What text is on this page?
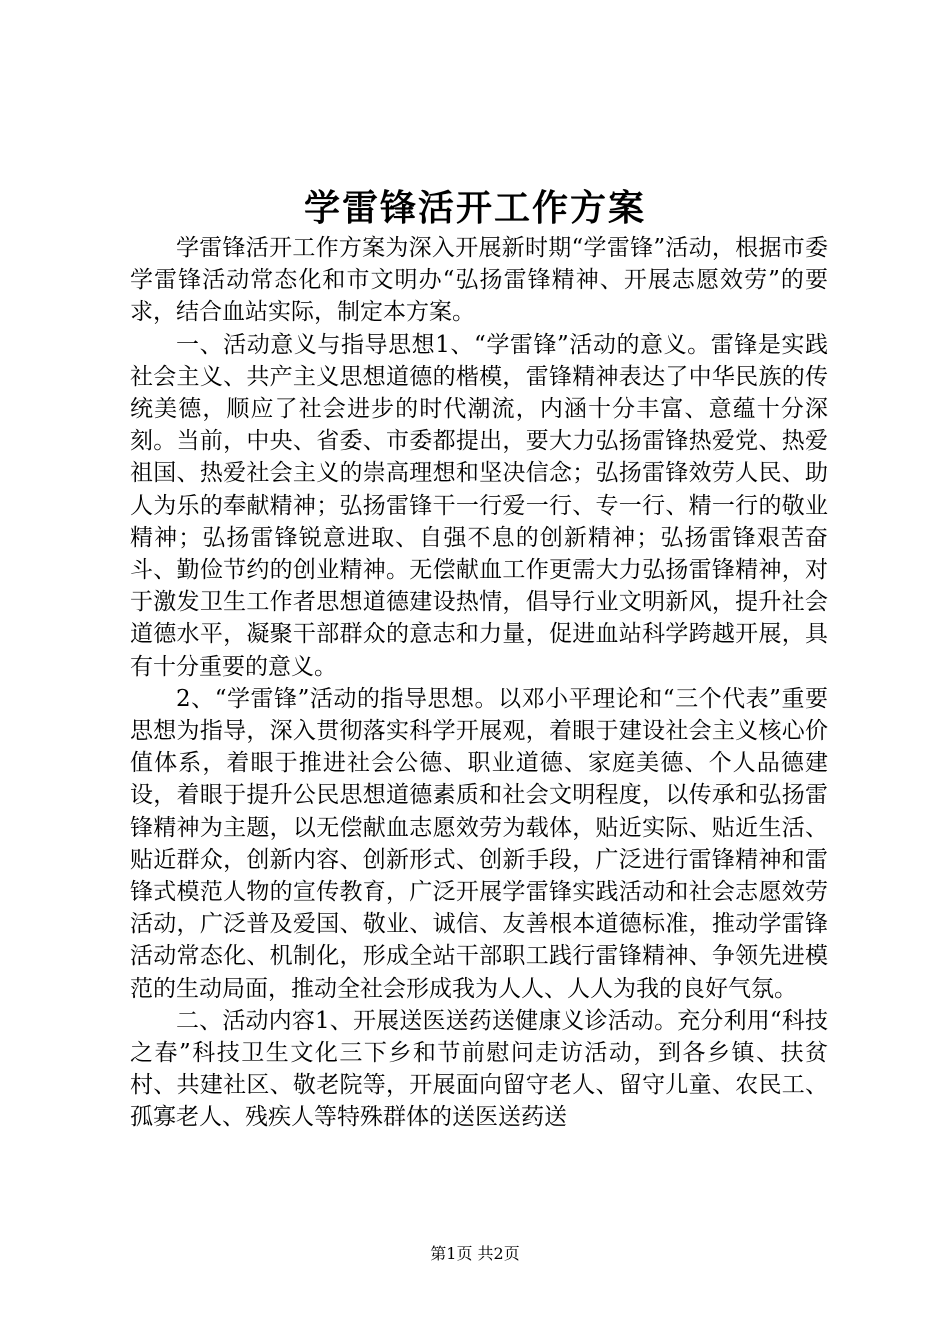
学雷锋活开工作方案

学雷锋活开工作方案为深入开展新时期“学雷锋”活动，根据市委学雷锋活动常态化和市文明办“弘扬雷锋精神、开展志愿效劳”的要求，结合血站实际，制定本方案。

一、活动意义与指导思想1、“学雷锋”活动的意义。雷锋是实践社会主义、共产主义思想道德的楷模，雷锋精神表达了中华民族的传统美德，顺应了社会进步的时代潮流，内涵十分丰富、意蕴十分深刻。当前，中央、省委、市委都提出，要大力弘扬雷锋热爱党、热爱祖国、热爱社会主义的崇高理想和坚决信念；弘扬雷锋效劳人民、助人为乐的奉献精神；弘扬雷锋干一行爱一行、专一行、精一行的敬业精神；弘扬雷锋锐意进取、自强不息的创新精神；弘扬雷锋艰苦奋斗、勤俭节约的创业精神。无偿献血工作更需大力弘扬雷锋精神，对于激发卫生工作者思想道德建设热情，倡导行业文明新风，提升社会道德水平，凝聚干部群众的意志和力量，促进血站科学跨越开展，具有十分重要的意义。

2、“学雷锋”活动的指导思想。以邓小平理论和“三个代表”重要思想为指导，深入贯彻落实科学开展观，着眼于建设社会主义核心价值体系，着眼于推进社会公德、职业道德、家庭美德、个人品德建设，着眼于提升公民思想道德素质和社会文明程度，以传承和弘扬雷锋精神为主题，以无偿献血志愿效劳为载体，贴近实际、贴近生活、贴近群众，创新内容、创新形式、创新手段，广泛进行雷锋精神和雷锋式模范人物的宣传教育，广泛开展学雷锋实践活动和社会志愿效劳活动，广泛普及爱国、敬业、诚信、友善根本道德标准，推动学雷锋活动常态化、机制化，形成全站干部职工践行雷锋精神、争领先进模范的生动局面，推动全社会形成我为人人、人人为我的良好气氛。

二、活动内容1、开展送医送药送健康义诊活动。充分利用“科技之春”科技卫生文化三下乡和节前慰问走访活动，到各乡镇、扶贫村、共建社区、敬老院等，开展面向留守老人、留守儿童、农民工、孤寡老人、残疾人等特殊群体的送医送药送

第1页 共2页
